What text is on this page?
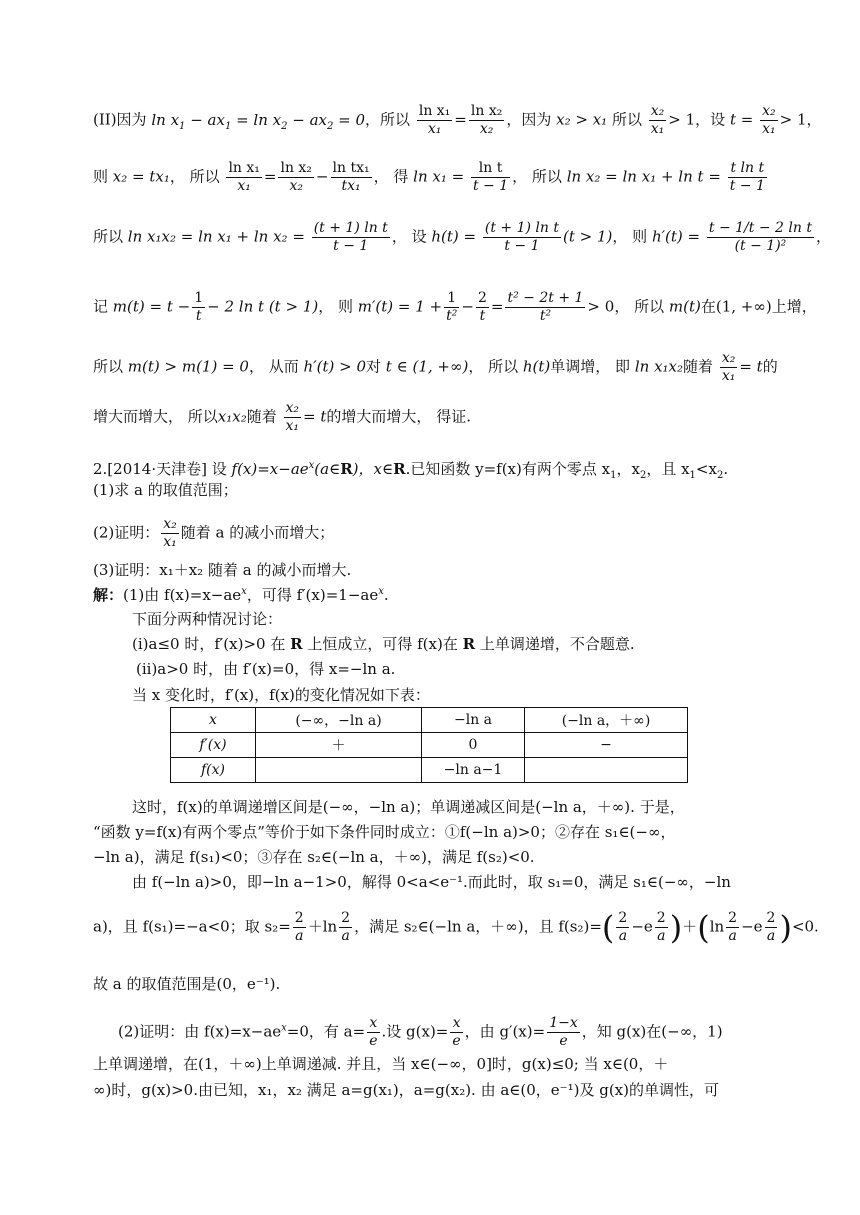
(II)因为 $\ln x_1 - ax_1 = \ln x_2 - ax_2 = 0$，所以 $\frac{\text{ln x₁}}{\text{x₁}} = \frac{\text{ln x₂}}{\text{x₂}}$ ，因为 x₂ > x₁ 所以 $\frac{\text{x₂}}{\text{x₁}} > 1$，设 $t = \frac{\text{x₂}}{\text{x₁}} > 1$，
则 x₂ = tx₁， 所以 $\frac{\text{ln x₁}}{\text{x₁}} = \frac{\text{ln x₂}}{\text{x₂}} - \frac{\text{ln tx₁}}{\text{tx₁}}$ ， 得 $\ln x_1 = \frac{\text{ln t}}{t - 1}$ ， 所以 $\ln x_2 = \ln x_1 + \ln t = \frac{\text{t ln t}}{t - 1}$
所以 $\ln x_1x_2 = \ln x_1 + \ln x_2 = \frac{\text{(t + 1) ln t}}{t - 1}$ ， 设 $h(t) = \frac{\text{(t + 1) ln t}}{t - 1} (t > 1)$， 则 $h'(t) = \frac{\text{t − 1/t − 2 ln t}}{\text{(t − 1)²}}$ ，
记 $m(t) = t - \frac{1}{t} - 2$ ln t (t > 1)， 则 $m'(t) = 1 + \frac{1}{\text{t²}} - \frac{2}{t} = \frac{\text{t² − 2t + 1}}{\text{t²}} > 0$， 所以 m(t)在(1, +∞)上增，
所以 m(t) > m(1) = 0， 从而 h′(t) > 0对 t ∈ (1, +∞)， 所以 h(t)单调增， 即 ln x₁x₂随着 $\frac{\text{x₂}}{\text{x₁}} = t$的
增大而增大， 所以x₁x₂随着 $\frac{\text{x₂}}{\text{x₁}} = t$的增大而增大， 得证.
2.[2014·天津卷] 设 $f(x)=x-ae^x(a\in R)$，x∈R.已知函数 y=f(x)有两个零点 $x_1$，$x_2$，且 $x_1<x_2$.
(1)求 a 的取值范围；
(2)证明： $\frac{\text{x₂}}{\text{x₁}}$ 随着 a 的减小而增大；
(3)证明：x₁＋x₂ 随着 a 的减小而增大.
解：(1)由 $f(x)=x-ae^x$，可得 $f'(x)=1-ae^x$.
下面分两种情况讨论：
(i)a≤0 时，f′(x)>0 在 R 上恒成立，可得 f(x)在 R 上单调递增，不合题意.
(ii)a>0 时，由 f′(x)=0，得 x=−ln a.
当 x 变化时，f′(x)，f(x)的变化情况如下表：
x	(−∞，−ln a)	−ln a	(−ln a，＋∞)
f′(x)	＋	0	−
f(x)		−ln a−1	
这时，f(x)的单调递增区间是(−∞，−ln a)；单调递减区间是(−ln a，＋∞). 于是，
“函数 y=f(x)有两个零点”等价于如下条件同时成立：①f(−ln a)>0；②存在 s₁∈(−∞，
−ln a)，满足 f(s₁)<0；③存在 s₂∈(−ln a，＋∞)，满足 f(s₂)<0.
由 f(−ln a)>0，即−ln a−1>0，解得 0<a<e⁻¹.而此时，取 s₁=0，满足 s₁∈(−∞，−ln
a)，且 f(s₁)=−a<0；取 $s_2= \frac{2}{a} +\ln \frac{2}{a}$ ，满足 s₂∈(−ln a，＋∞)，且 $f(s_2)=( \frac{2}{a} -e \frac{2}{a} )+(\ln \frac{2}{a} -e \frac{2}{a} )<0$.
故 a 的取值范围是(0，e⁻¹).
(2)证明：由 $f(x)=x-ae^x=0$，有 $a= \frac{x}{e}$ .设 $g(x)= \frac{x}{e}$ ，由 $g'(x)= \frac{1-x}{e}$ ，知 g(x)在(−∞，1)
上单调递增，在(1，＋∞)上单调递减. 并且，当 x∈(−∞，0]时，g(x)≤0; 当 x∈(0，＋
∞)时，g(x)>0.由已知，x₁，x₂ 满足 a=g(x₁)，a=g(x₂). 由 a∈(0，e⁻¹)及 g(x)的单调性，可
